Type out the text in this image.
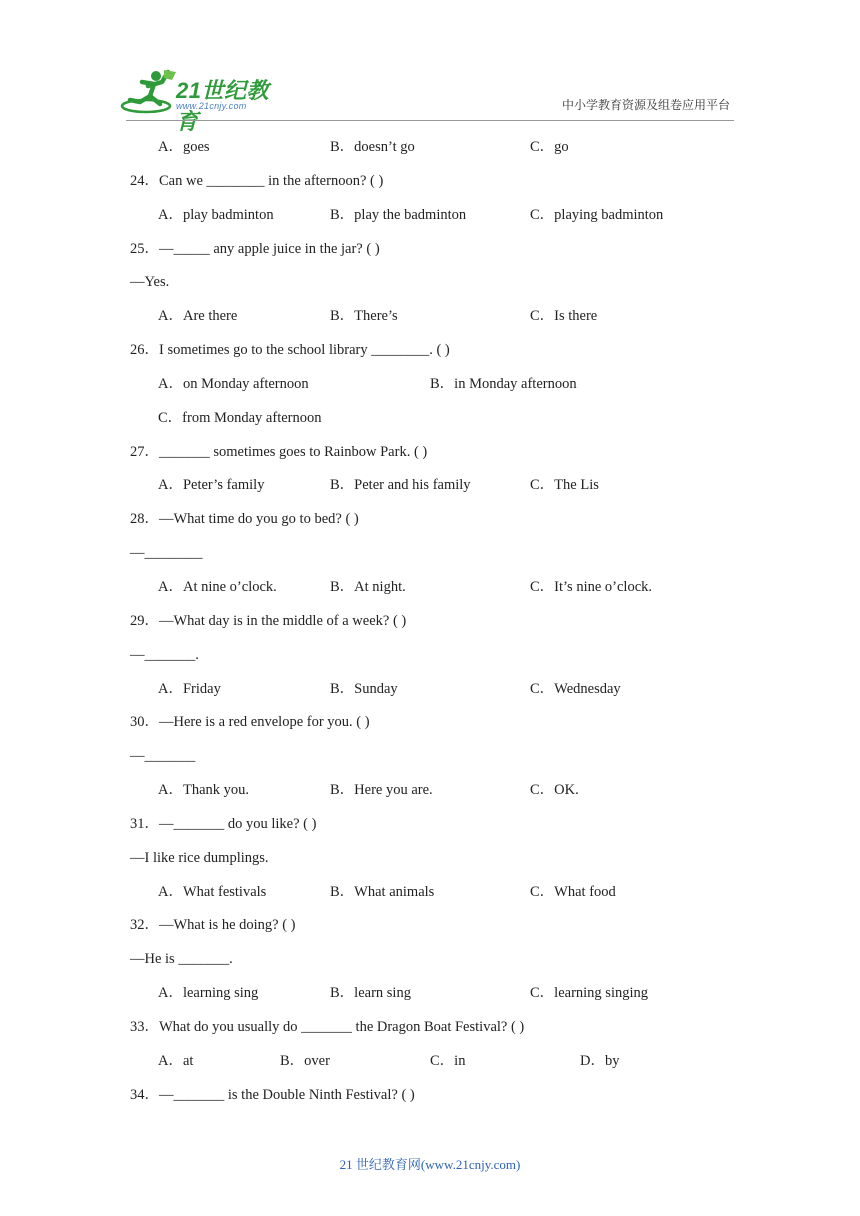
21世纪教育
www.21cnjy.com	中小学教育资源及组卷应用平台
A．goes	B．doesn’t go	C．go
24．Can we ________ in the afternoon? ( )
A．play badminton	B．play the badminton	C．playing badminton
25．—_____ any apple juice in the jar? ( )
—Yes.
A．Are there	B．There’s	C．Is there
26．I sometimes go to the school library ________. ( )
A．on Monday afternoon	B．in Monday afternoon
C．from Monday afternoon
27．_______ sometimes goes to Rainbow Park. ( )
A．Peter’s family	B．Peter and his family	C．The Lis
28．—What time do you go to bed? ( )
—________
A．At nine o’clock.	B．At night.	C．It’s nine o’clock.
29．—What day is in the middle of a week? ( )
—_______.
A．Friday	B．Sunday	C．Wednesday
30．—Here is a red envelope for you. ( )
—_______
A．Thank you.	B．Here you are.	C．OK.
31．—_______ do you like? ( )
—I like rice dumplings.
A．What festivals	B．What animals	C．What food
32．—What is he doing? ( )
—He is _______.
A．learning sing	B．learn sing	C．learning singing
33．What do you usually do _______ the Dragon Boat Festival? ( )
A．at	B．over	C．in	D．by
34．—_______ is the Double Ninth Festival? ( )
21 世纪教育网(www.21cnjy.com)
